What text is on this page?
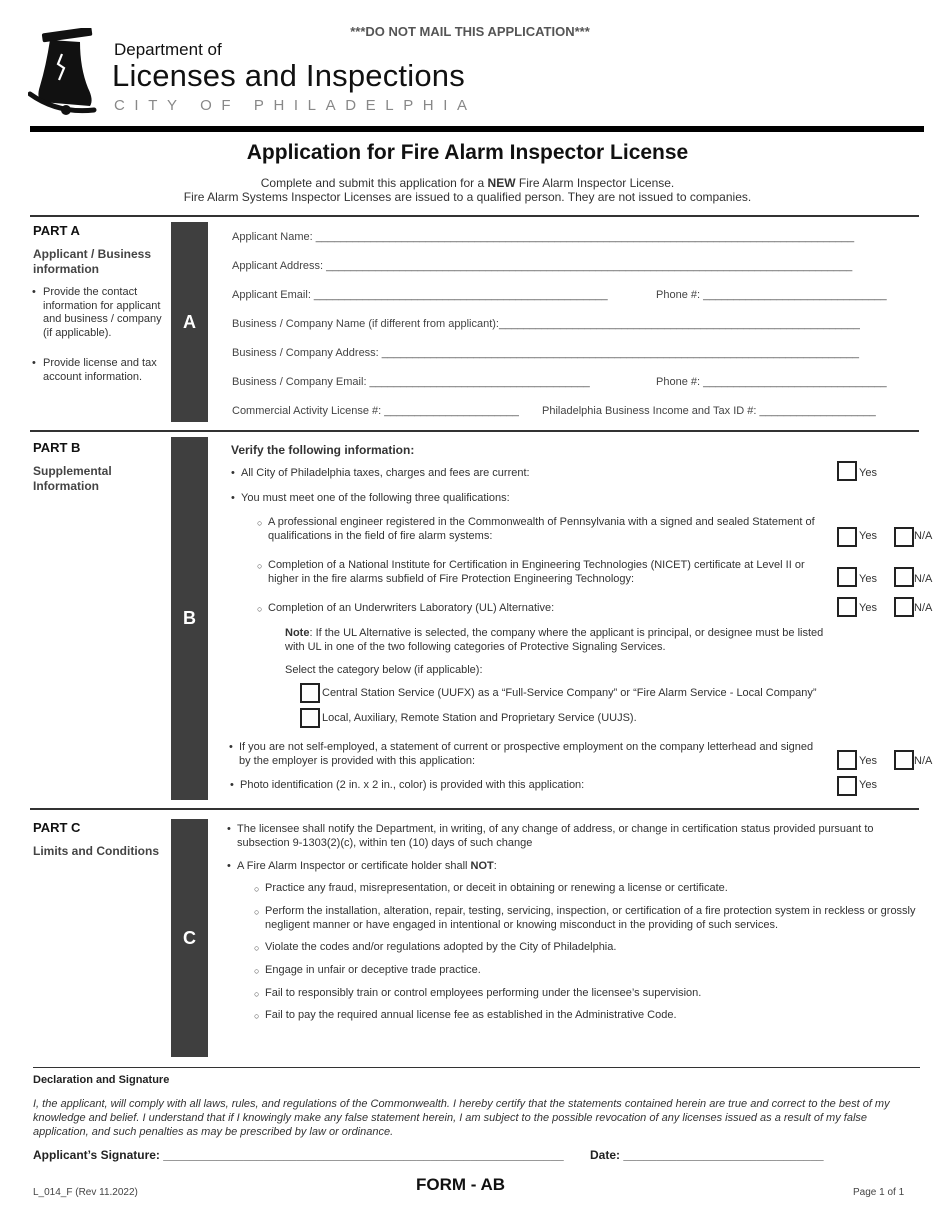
***DO NOT MAIL THIS APPLICATION***
Department of
Licenses and Inspections
CITY OF PHILADELPHIA
Application for Fire Alarm Inspector License
Complete and submit this application for a NEW Fire Alarm Inspector License.
Fire Alarm Systems Inspector Licenses are issued to a qualified person. They are not issued to companies.
PART A
Applicant / Business information
• Provide the contact information for applicant and business / company (if applicable).
• Provide license and tax account information.
A
Applicant Name: ________________________________________________________________________________________
Applicant Address: ______________________________________________________________________________________
Applicant Email: ________________________________________________	Phone #: ______________________________
Business / Company Name (if different from applicant):___________________________________________________________
Business / Company Address: ______________________________________________________________________________
Business / Company Email: ____________________________________	Phone #: ______________________________
Commercial Activity License #: ______________________ Philadelphia Business Income and Tax ID #: ___________________
PART B
Supplemental Information
B
Verify the following information:
• All City of Philadelphia taxes, charges and fees are current:	Yes
• You must meet one of the following three qualifications:
○ A professional engineer registered in the Commonwealth of Pennsylvania with a signed and sealed Statement of qualifications in the field of fire alarm systems:	Yes	N/A
○ Completion of a National Institute for Certification in Engineering Technologies (NICET) certificate at Level II or higher in the fire alarms subfield of Fire Protection Engineering Technology:	Yes	N/A
○ Completion of an Underwriters Laboratory (UL) Alternative:	Yes	N/A
Note: If the UL Alternative is selected, the company where the applicant is principal, or designee must be listed with UL in one of the two following categories of Protective Signaling Services.
Select the category below (if applicable):
Central Station Service (UUFX) as a “Full-Service Company” or “Fire Alarm Service - Local Company”
Local, Auxiliary, Remote Station and Proprietary Service (UUJS).
• If you are not self-employed, a statement of current or prospective employment on the company letterhead and signed by the employer is provided with this application:	Yes	N/A
• Photo identification (2 in. x 2 in., color) is provided with this application:	Yes
PART C
Limits and Conditions
C
• The licensee shall notify the Department, in writing, of any change of address, or change in certification status provided pursuant to subsection 9-1303(2)(c), within ten (10) days of such change
• A Fire Alarm Inspector or certificate holder shall NOT:
○ Practice any fraud, misrepresentation, or deceit in obtaining or renewing a license or certificate.
○ Perform the installation, alteration, repair, testing, servicing, inspection, or certification of a fire protection system in reckless or grossly negligent manner or have engaged in intentional or knowing misconduct in the providing of such services.
○ Violate the codes and/or regulations adopted by the City of Philadelphia.
○ Engage in unfair or deceptive trade practice.
○ Fail to responsibly train or control employees performing under the licensee’s supervision.
○ Fail to pay the required annual license fee as established in the Administrative Code.
Declaration and Signature
I, the applicant, will comply with all laws, rules, and regulations of the Commonwealth. I hereby certify that the statements contained herein are true and correct to the best of my knowledge and belief. I understand that if I knowingly make any false statement herein, I am subject to the possible revocation of any licenses issued as a result of my false application, and such penalties as may be prescribed by law or ordinance.
Applicant’s Signature: ____________________________________________________________ Date: ______________________________
L_014_F (Rev 11.2022)	FORM - AB	Page 1 of 1
